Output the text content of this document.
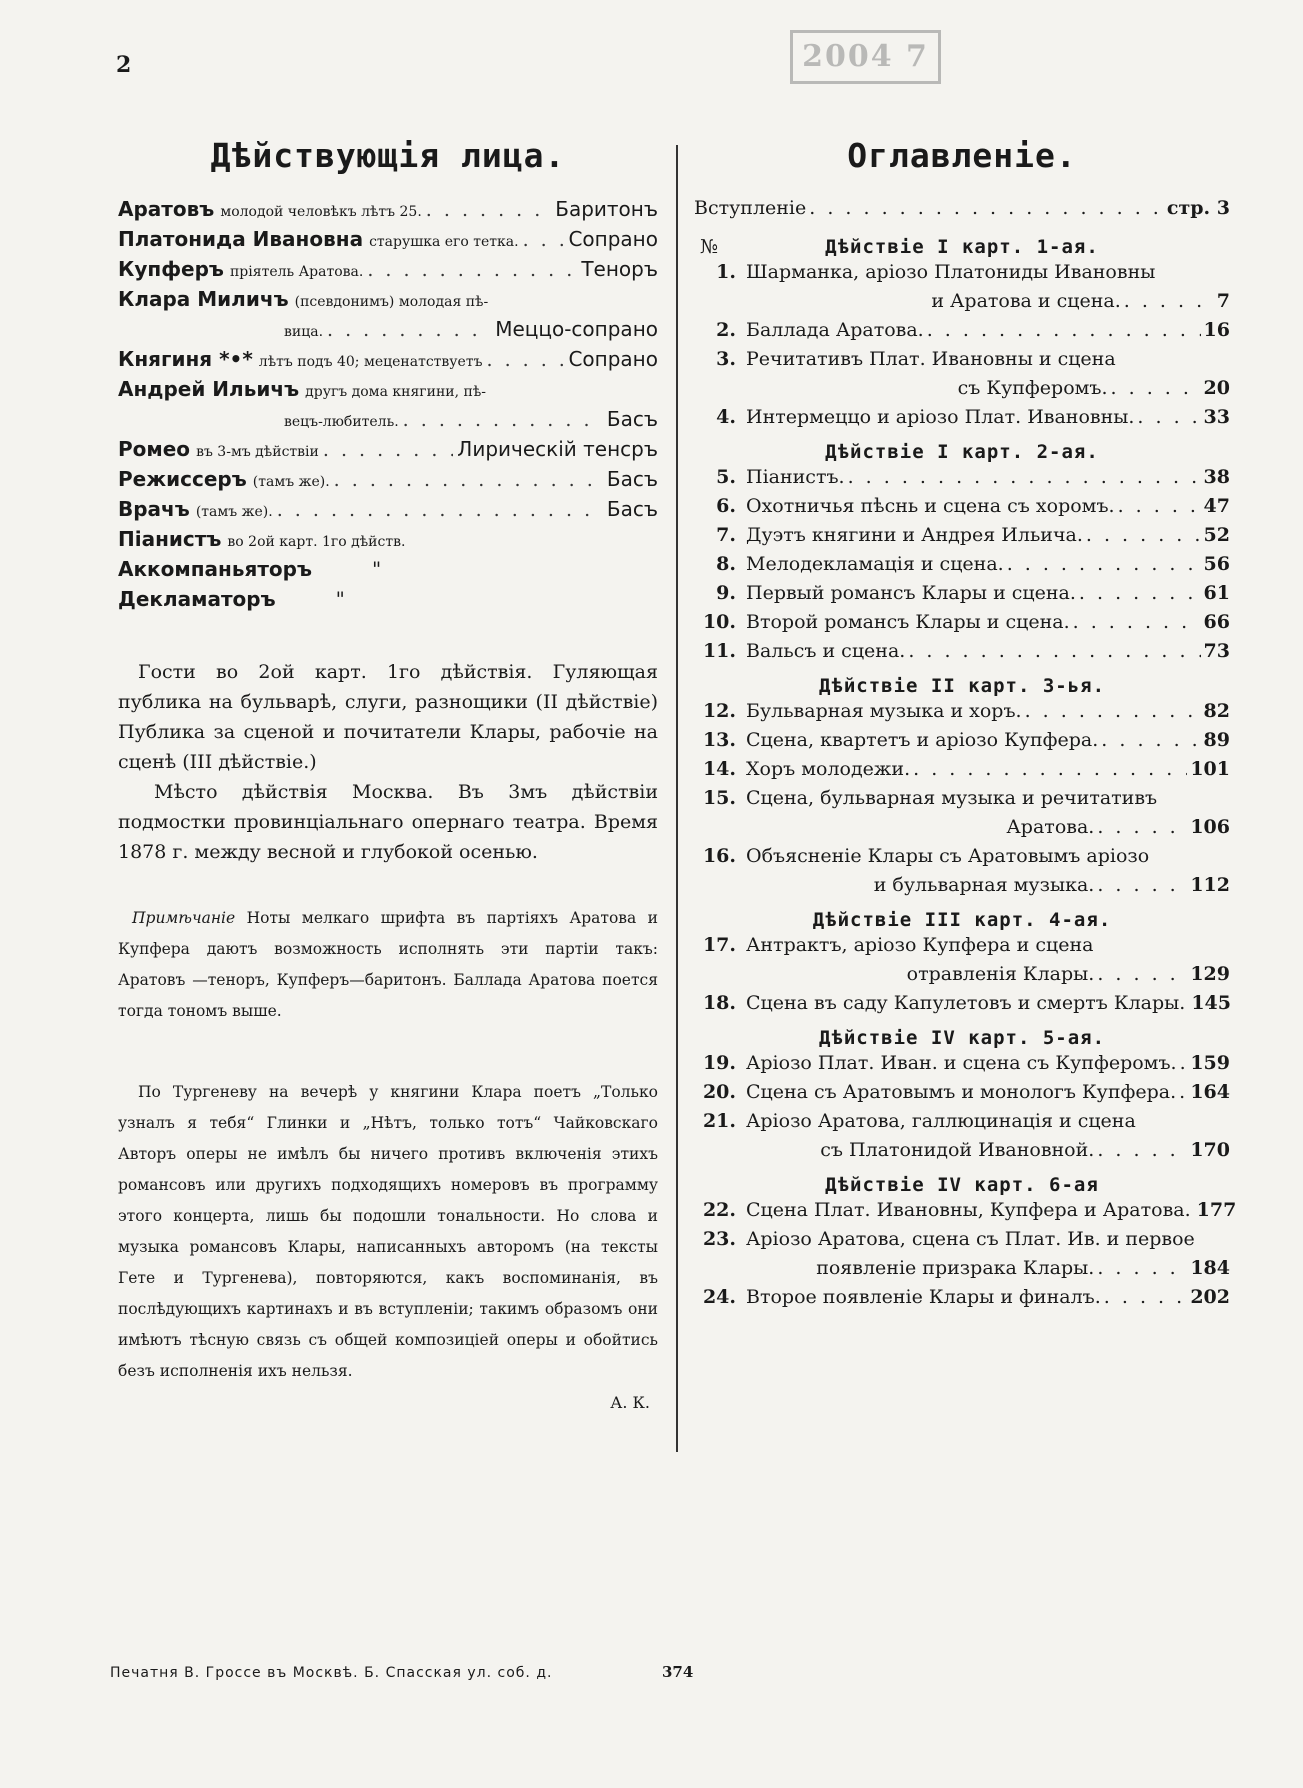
2	2004 7
Дѣйствующія лица.
Аратовъ молодой человѣкъ лѣтъ 25. . . .	Баритонъ
Платонида Ивановна старушка его тетка. . . . Сопрано
Купферъ пріятель Аратова. . . .	Теноръ
Клара Миличъ (псевдонимъ) молодая пѣ-
вица. . . .	Меццо-сопрано
Княгиня *•* лѣтъ подъ 40; меценатствуетъ . . .	Сопрано
Андрей Ильичъ другъ дома княгини, пѣ-
вецъ-любитель. . . .	Басъ
Ромео въ 3-мъ дѣйствіи . . .	Лирическій тенсръ
Режиссеръ (тамъ же). . . .	Басъ
Врачъ (тамъ же). . . .	Басъ
Піанистъ во 2ой карт. 1го дѣйств.
Аккомпаньяторъ	"
Декламаторъ	"
Гости во 2ой карт. 1го дѣйствія. Гуляющая публика на бульварѣ, слуги, разнощики (II дѣйствіе) Публика за сценой и почитатели Клары, рабочіе на сценѣ (III дѣйствіе.)
Мѣсто дѣйствія Москва. Въ 3мъ дѣйствіи подмостки провинціальнаго опернаго театра. Время 1878 г. между весной и глубокой осенью.
Примѣчаніе Ноты мелкаго шрифта въ партіяхъ Аратова и Купфера даютъ возможность исполнять эти партіи такъ: Аратовъ —теноръ, Купферъ—баритонъ. Баллада Аратова поется тогда тономъ выше.
По Тургеневу на вечерѣ у княгини Клара поетъ „Только узналъ я тебя“ Глинки и „Нѣтъ, только тотъ“ Чайковскаго Авторъ оперы не имѣлъ бы ничего противъ включенія этихъ романсовъ или другихъ подходящихъ номеровъ въ программу этого концерта, лишь бы подошли тональности. Но слова и музыка романсовъ Клары, написанныхъ авторомъ (на тексты Гете и Тургенева), повторяются, какъ воспоминанія, въ послѣдующихъ картинахъ и въ вступленіи; такимъ образомъ они имѣютъ тѣсную связь съ общей композиціей оперы и обойтись безъ исполненія ихъ нельзя.
А. К.
Оглавленіе.
Вступленіе . . .	стр. 3
№	Дѣйствіе I карт. 1-ая.
1. Шарманка, аріозо Платониды Ивановны
и Аратова и сцена. . . .	7
2. Баллада Аратова. . . .	16
3. Речитативъ Плат. Ивановны и сцена
съ Купферомъ. . . .	20
4. Интермеццо и аріозо Плат. Ивановны. . . .	33
Дѣйствіе I карт. 2-ая.
5. Піанистъ. . . .	38
6. Охотничья пѣснь и сцена съ хоромъ. . . .	47
7. Дуэтъ княгини и Андрея Ильича. . . .	52
8. Мелодекламація и сцена. . . .	56
9. Первый романсъ Клары и сцена. . . .	61
10. Второй романсъ Клары и сцена. . . .	66
11. Вальсъ и сцена. . . .	73
Дѣйствіе II карт. 3-ья.
12. Бульварная музыка и хоръ. . . .	82
13. Сцена, квартетъ и аріозо Купфера. . . .	89
14. Хоръ молодежи. . . .	101
15. Сцена, бульварная музыка и речитативъ
Аратова. . . .	106
16. Объясненіе Клары съ Аратовымъ аріозо
и бульварная музыка. . . .	112
Дѣйствіе III карт. 4-ая.
17. Антрактъ, аріозо Купфера и сцена
отравленія Клары. . . .	129
18. Сцена въ саду Капулетовъ и смертъ Клары. 145
Дѣйствіе IV карт. 5-ая.
19. Аріозо Плат. Иван. и сцена съ Купферомъ. . . . 159
20. Сцена съ Аратовымъ и монологъ Купфера. . . . 164
21. Аріозо Аратова, галлюцинація и сцена
съ Платонидой Ивановной. . . .	170
Дѣйствіе IV карт. 6-ая
22. Сцена Плат. Ивановны, Купфера и Аратова. 177
23. Аріозо Аратова, сцена съ Плат. Ив. и первое
появленіе призрака Клары. . . .	184
24. Второе появленіе Клары и финалъ. . . .	202
Печатня В. Гроссе въ Москвѣ. Б. Спасская ул. соб. д.	374
